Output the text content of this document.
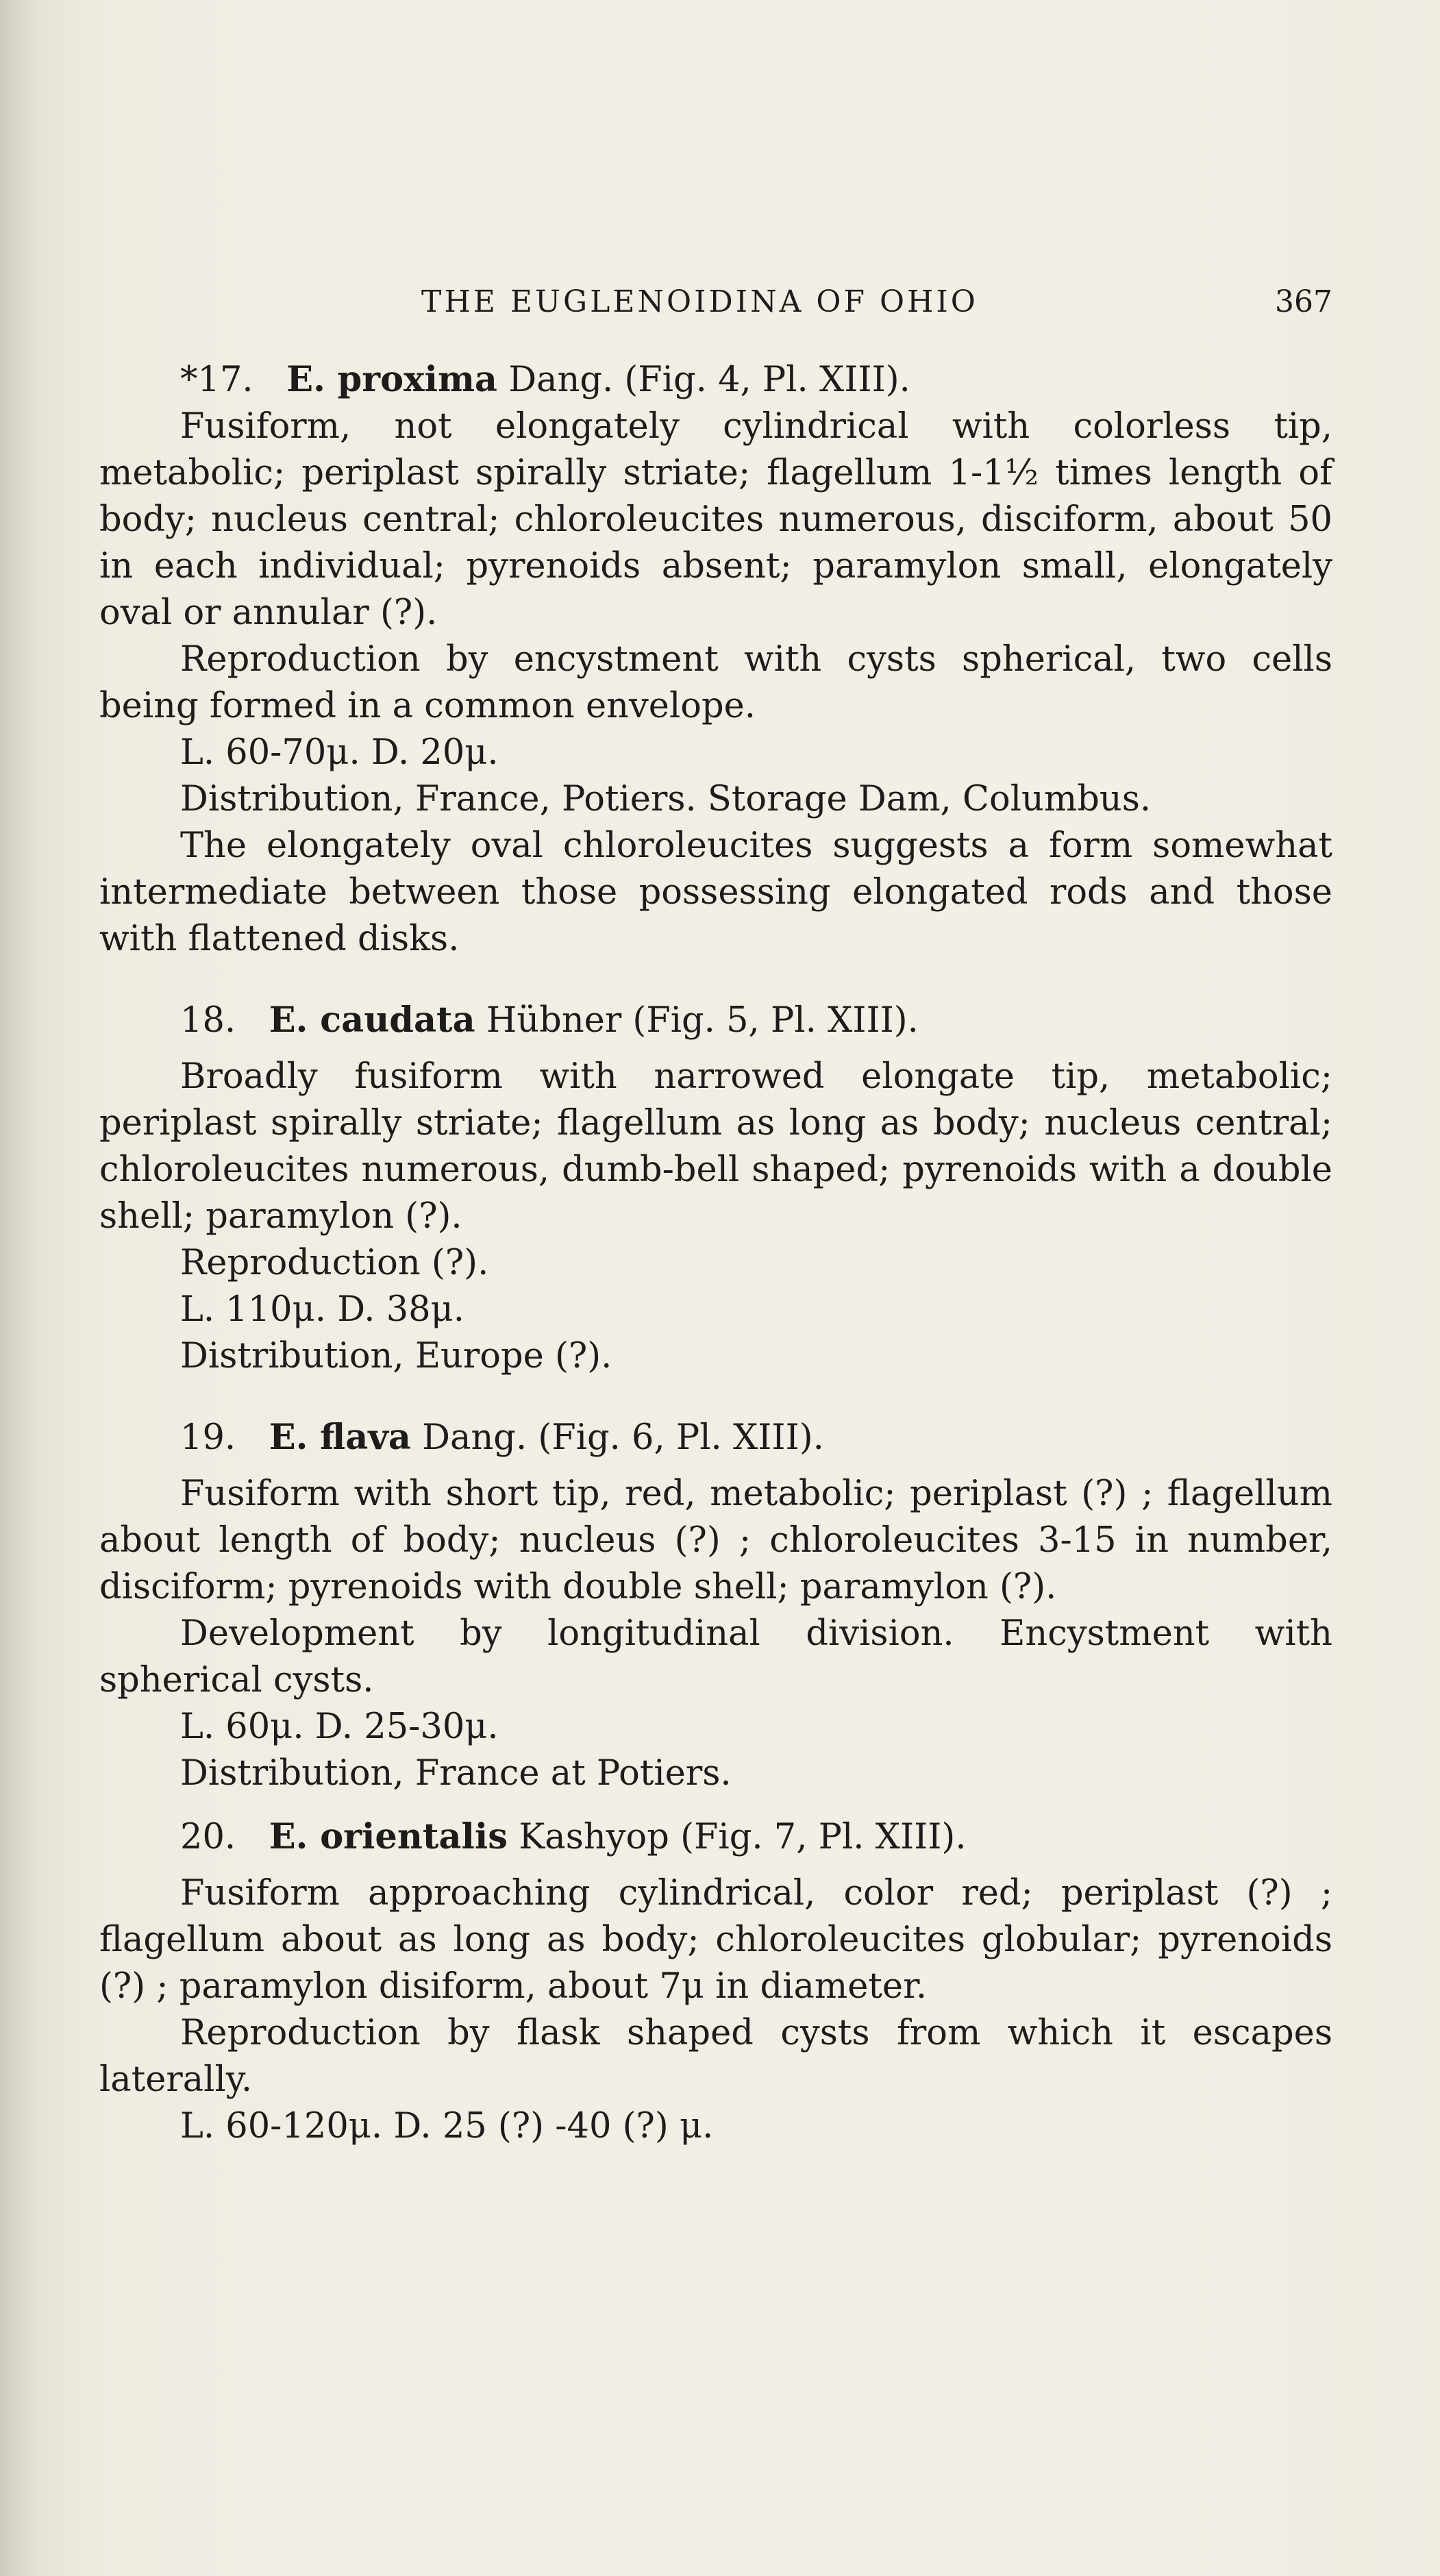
THE EUGLENOIDINA OF OHIO	367

*17. E. proxima Dang. (Fig. 4, Pl. XIII).

Fusiform, not elongately cylindrical with colorless tip, metabolic; periplast spirally striate; flagellum 1-1½ times length of body; nucleus central; chloroleucites numerous, disciform, about 50 in each individual; pyrenoids absent; paramylon small, elongately oval or annular (?).

Reproduction by encystment with cysts spherical, two cells being formed in a common envelope.

L. 60-70μ. D. 20μ.

Distribution, France, Potiers. Storage Dam, Columbus.

The elongately oval chloroleucites suggests a form somewhat intermediate between those possessing elongated rods and those with flattened disks.

18. E. caudata Hübner (Fig. 5, Pl. XIII).

Broadly fusiform with narrowed elongate tip, metabolic; periplast spirally striate; flagellum as long as body; nucleus central; chloroleucites numerous, dumb-bell shaped; pyrenoids with a double shell; paramylon (?).

Reproduction (?).

L. 110μ. D. 38μ.

Distribution, Europe (?).

19. E. flava Dang. (Fig. 6, Pl. XIII).

Fusiform with short tip, red, metabolic; periplast (?) ; flagellum about length of body; nucleus (?) ; chloroleucites 3-15 in number, disciform; pyrenoids with double shell; paramylon (?).

Development by longitudinal division. Encystment with spherical cysts.

L. 60μ. D. 25-30μ.

Distribution, France at Potiers.

20. E. orientalis Kashyop (Fig. 7, Pl. XIII).

Fusiform approaching cylindrical, color red; periplast (?) ; flagellum about as long as body; chloroleucites globular; pyrenoids (?) ; paramylon disiform, about 7μ in diameter.

Reproduction by flask shaped cysts from which it escapes laterally.

L. 60-120μ. D. 25 (?) -40 (?) μ.
